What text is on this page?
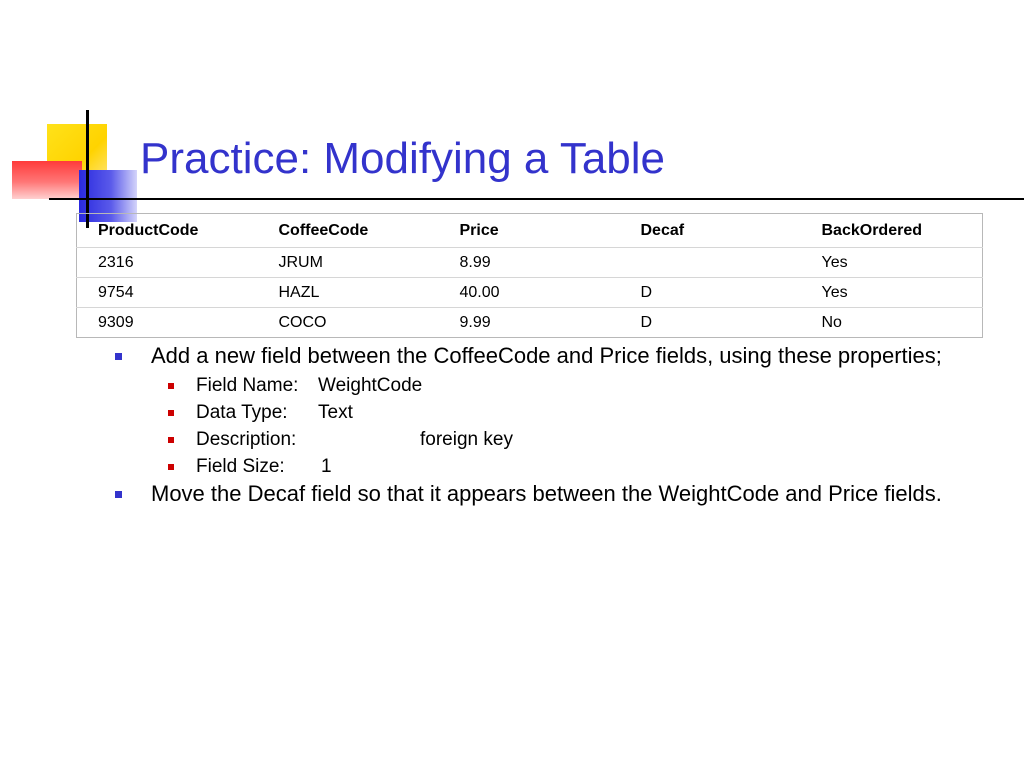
Practice: Modifying a Table
ProductCode	CoffeeCode	Price	Decaf	BackOrdered
2316	JRUM	8.99		Yes
9754	HAZL	40.00	D	Yes
9309	COCO	9.99	D	No
Add a new field between the CoffeeCode and Price fields, using these properties;
Field Name: WeightCode
Data Type: Text
Description:	foreign key
Field Size: 1
Move the Decaf field so that it appears between the WeightCode and Price fields.
